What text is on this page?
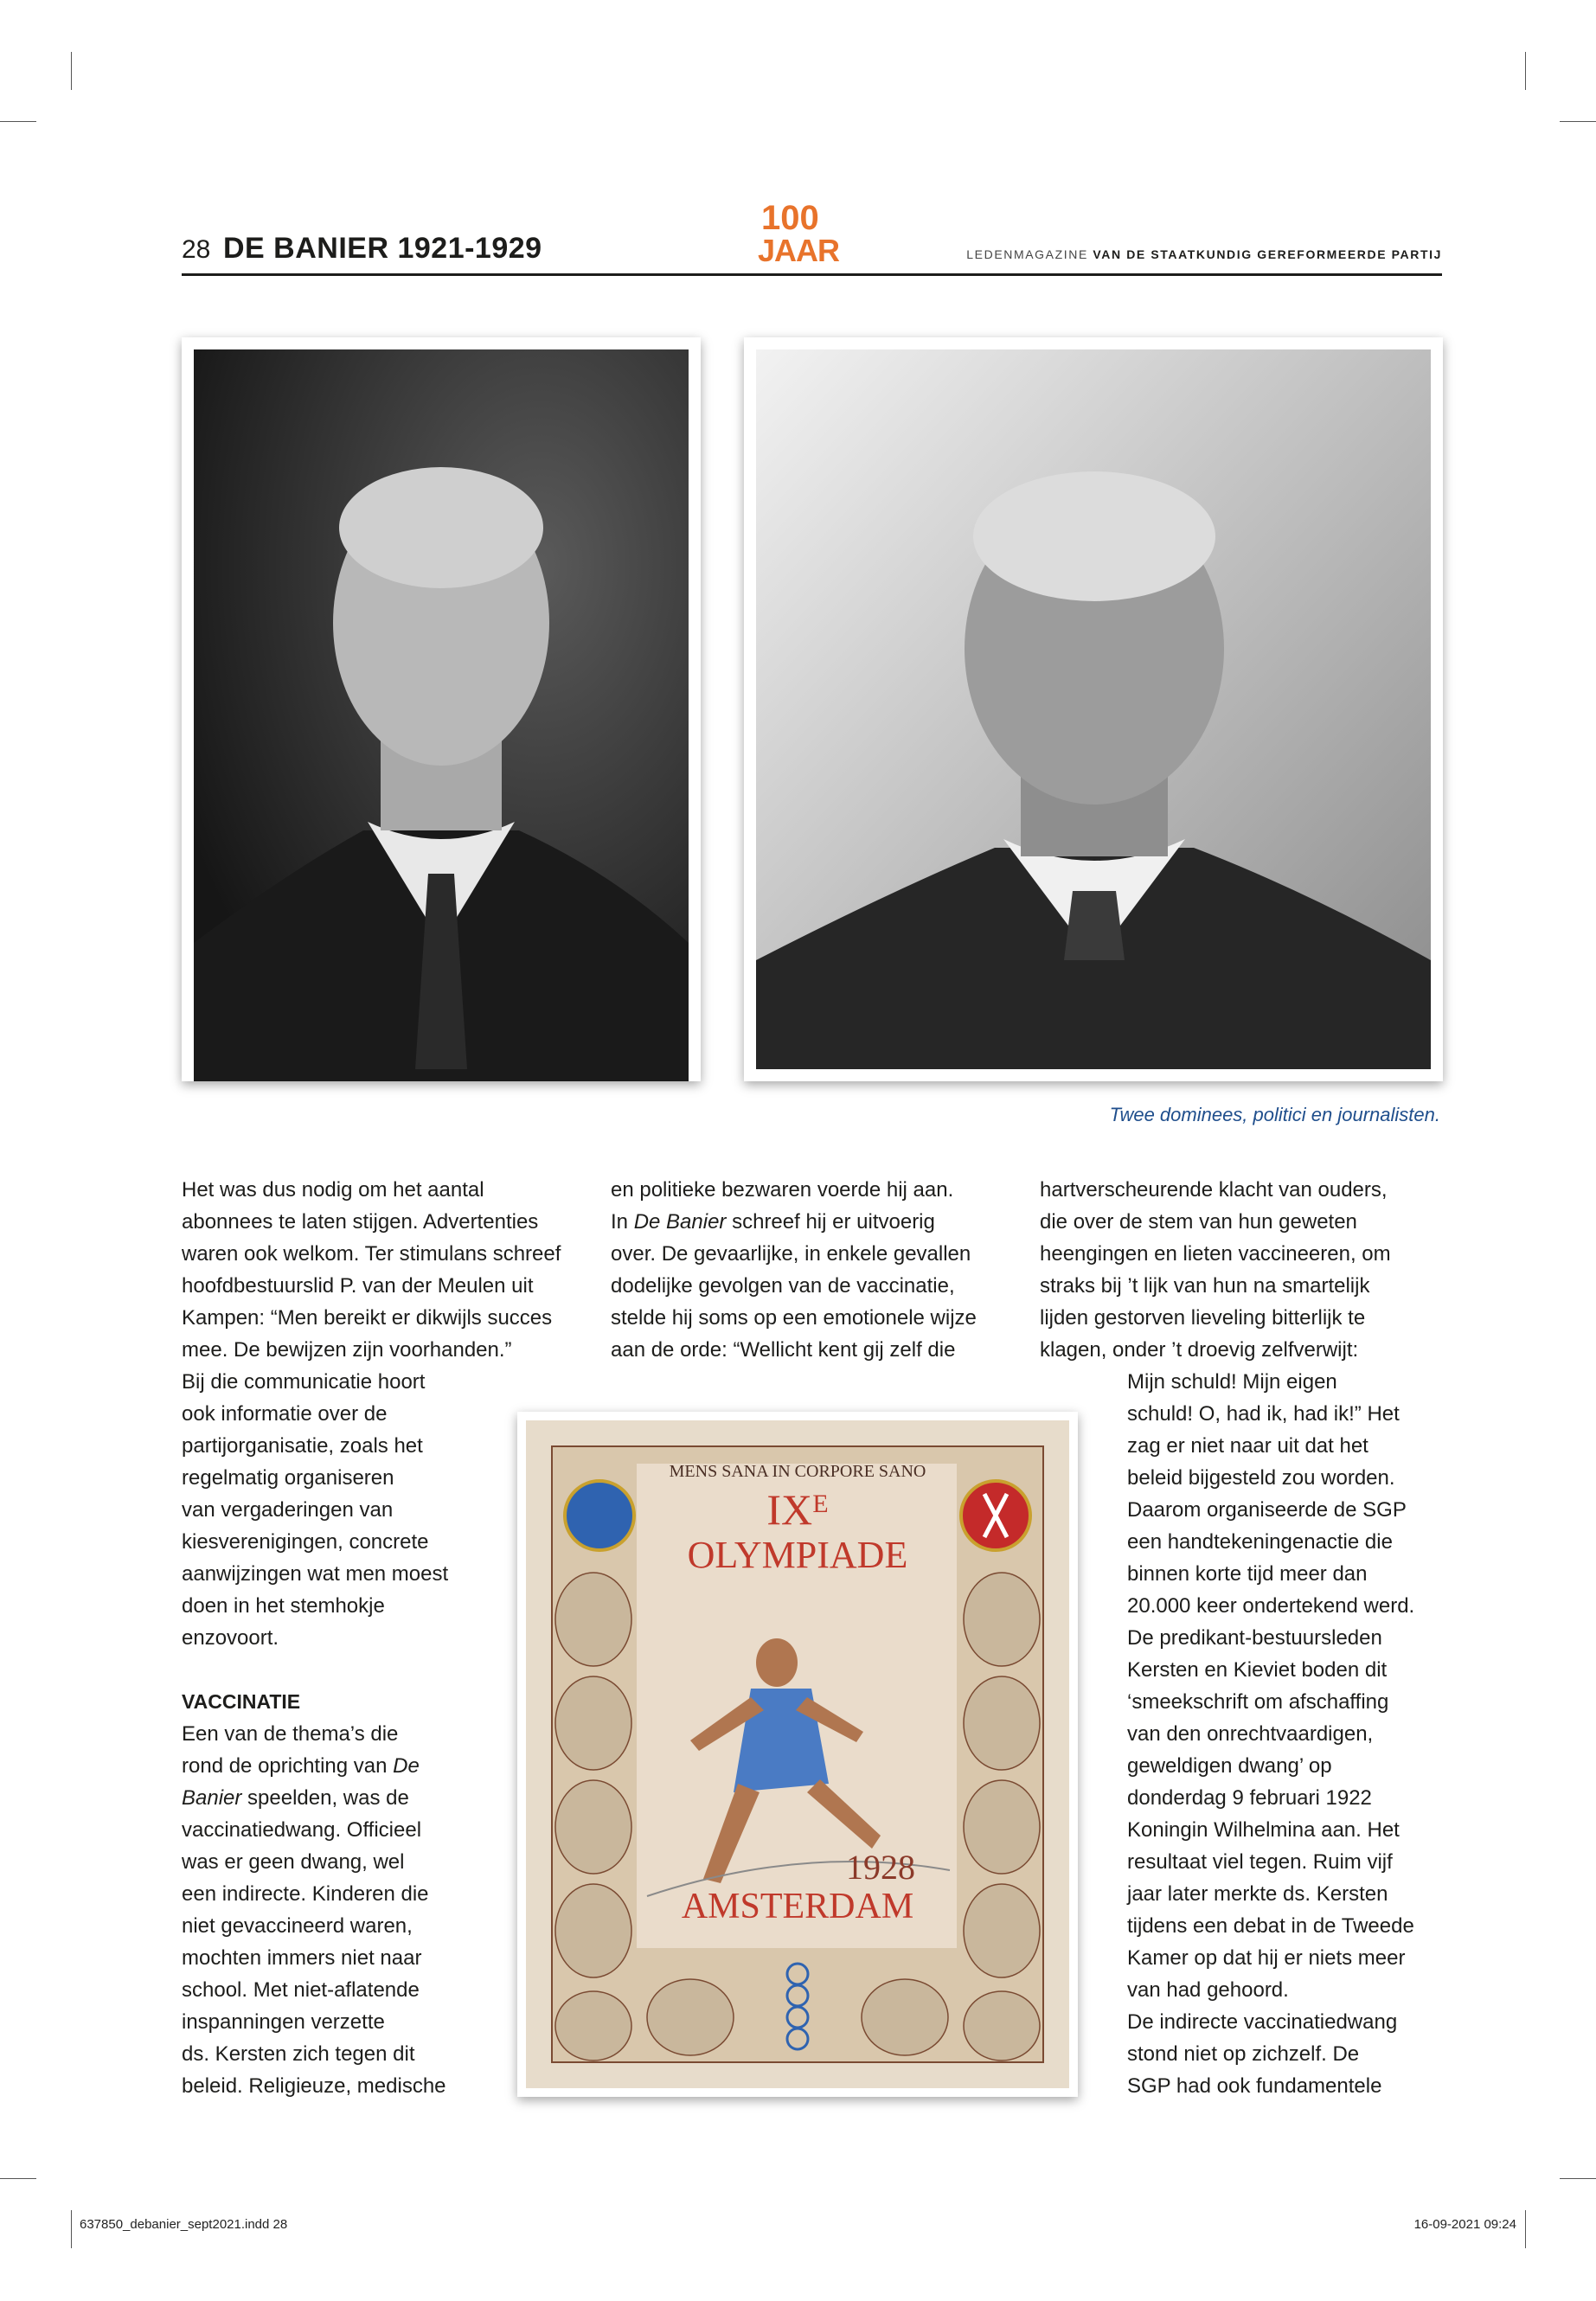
28 DE BANIER 1921-1929
100
JAAR	LEDENMAGAZINE VAN DE STAATKUNDIG GEREFORMEERDE PARTIJ
Twee dominees, politici en journalisten.
MENS SANA IN CORPORE SANO
IXᴱ
OLYMPIADE
1928
AMSTERDAM

Het was dus nodig om het aantal

abonnees te laten stijgen. Advertenties

waren ook welkom. Ter stimulans schreef

hoofdbestuurslid P. van der Meulen uit

Kampen: “Men bereikt er dikwijls succes

mee. De bewijzen zijn voorhanden.”

Bij die communicatie hoort

ook informatie over de

partijorganisatie, zoals het

regelmatig organiseren

van vergaderingen van

kiesverenigingen, concrete

aanwijzingen wat men moest

doen in het stemhokje

enzovoort.

VACCINATIE

Een van de thema’s die

rond de oprichting van De

Banier speelden, was de

vaccinatiedwang. Officieel

was er geen dwang, wel

een indirecte. Kinderen die

niet gevaccineerd waren,

mochten immers niet naar

school. Met niet-aflatende

inspanningen verzette

ds. Kersten zich tegen dit

beleid. Religieuze, medische

en politieke bezwaren voerde hij aan.

In De Banier schreef hij er uitvoerig

over. De gevaarlijke, in enkele gevallen

dodelijke gevolgen van de vaccinatie,

stelde hij soms op een emotionele wijze

aan de orde: “Wellicht kent gij zelf die

hartverscheurende klacht van ouders,

die over de stem van hun geweten

heengingen en lieten vaccineeren, om

straks bij ’t lijk van hun na smartelijk

lijden gestorven lieveling bitterlijk te

klagen, onder ’t droevig zelfverwijt:

Mijn schuld! Mijn eigen

schuld! O, had ik, had ik!” Het

zag er niet naar uit dat het

beleid bijgesteld zou worden.

Daarom organiseerde de SGP

een handtekeningenactie die

binnen korte tijd meer dan

20.000 keer ondertekend werd.

De predikant-bestuursleden

Kersten en Kieviet boden dit

‘smeekschrift om afschaffing

van den onrechtvaardigen,

geweldigen dwang’ op

donderdag 9 februari 1922

Koningin Wilhelmina aan. Het

resultaat viel tegen. Ruim vijf

jaar later merkte ds. Kersten

tijdens een debat in de Tweede

Kamer op dat hij er niets meer

van had gehoord.

De indirecte vaccinatiedwang

stond niet op zichzelf. De

SGP had ook fundamentele

637850_debanier_sept2021.indd 28	16-09-2021 09:24
